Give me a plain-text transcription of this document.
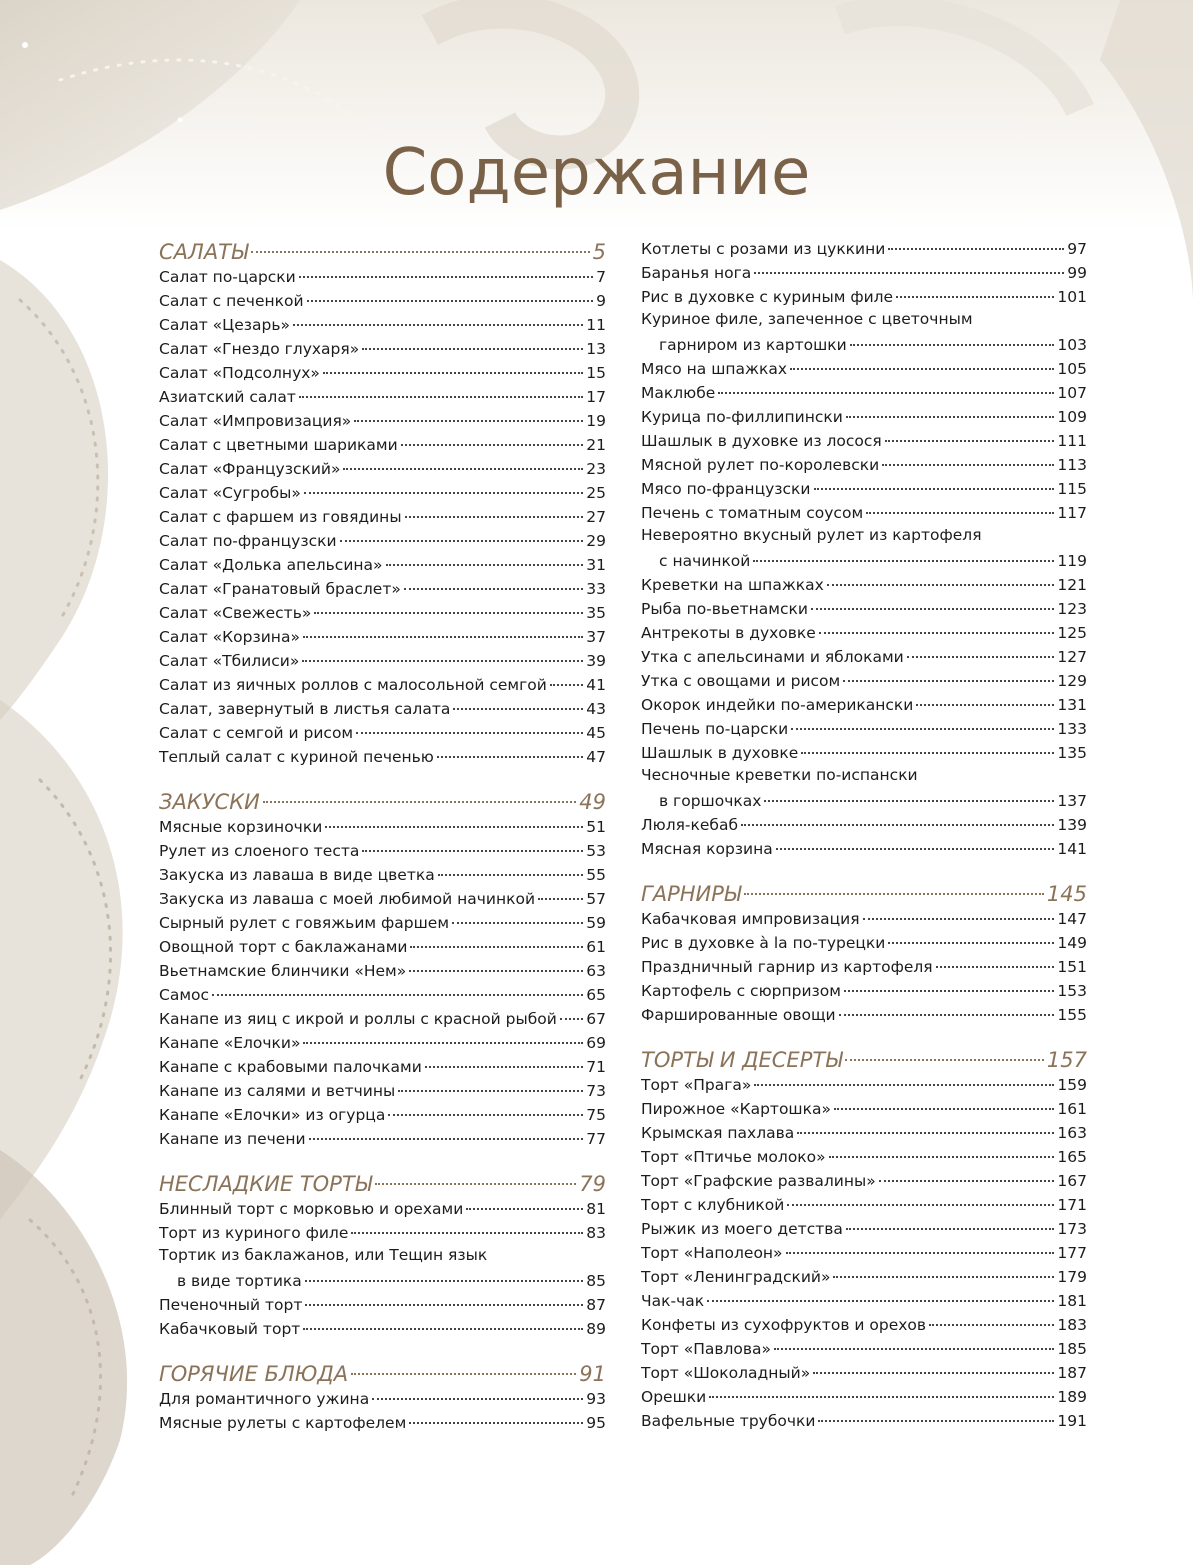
Содержание
САЛАТЫ	5
Салат по-царски	7
Салат с печенкой	9
Салат «Цезарь»	11
Салат «Гнездо глухаря»	13
Салат «Подсолнух»	15
Азиатский салат	17
Салат «Импровизация»	19
Салат с цветными шариками	21
Салат «Французский»	23
Салат «Сугробы»	25
Салат с фаршем из говядины	27
Салат по-французски	29
Салат «Долька апельсина»	31
Салат «Гранатовый браслет»	33
Салат «Свежесть»	35
Салат «Корзина»	37
Салат «Тбилиси»	39
Салат из яичных роллов с малосольной семгой	41
Салат, завернутый в листья салата	43
Салат с семгой и рисом	45
Теплый салат с куриной печенью	47
ЗАКУСКИ	49
Мясные корзиночки	51
Рулет из слоеного теста	53
Закуска из лаваша в виде цветка	55
Закуска из лаваша с моей любимой начинкой	57
Сырный рулет с говяжьим фаршем	59
Овощной торт с баклажанами	61
Вьетнамские блинчики «Нем»	63
Самос	65
Канапе из яиц с икрой и роллы с красной рыбой 67
Канапе «Елочки»	69
Канапе с крабовыми палочками	71
Канапе из салями и ветчины	73
Канапе «Елочки» из огурца	75
Канапе из печени	77
НЕСЛАДКИЕ ТОРТЫ	79
Блинный торт с морковью и орехами	81
Торт из куриного филе	83
Тортик из баклажанов, или Тещин язык
в виде тортика	85
Печеночный торт	87
Кабачковый торт	89
ГОРЯЧИЕ БЛЮДА	91
Для романтичного ужина	93
Мясные рулеты с картофелем	95
Котлеты с розами из цуккини	97
Баранья нога	99
Рис в духовке с куриным филе	101
Куриное филе, запеченное с цветочным
гарниром из картошки	103
Мясо на шпажках	105
Маклюбе	107
Курица по-филлипински	109
Шашлык в духовке из лосося	111
Мясной рулет по-королевски	113
Мясо по-французски	115
Печень с томатным соусом	117
Невероятно вкусный рулет из картофеля
с начинкой	119
Креветки на шпажках	121
Рыба по-вьетнамски	123
Антрекоты в духовке	125
Утка с апельсинами и яблоками	127
Утка с овощами и рисом	129
Окорок индейки по-американски	131
Печень по-царски	133
Шашлык в духовке	135
Чесночные креветки по-испански
в горшочках	137
Люля-кебаб	139
Мясная корзина	141
ГАРНИРЫ	145
Кабачковая импровизация	147
Рис в духовке à la по-турецки	149
Праздничный гарнир из картофеля	151
Картофель с сюрпризом	153
Фаршированные овощи	155
ТОРТЫ И ДЕСЕРТЫ	157
Торт «Прага»	159
Пирожное «Картошка»	161
Крымская пахлава	163
Торт «Птичье молоко»	165
Торт «Графские развалины»	167
Торт с клубникой	171
Рыжик из моего детства	173
Торт «Наполеон»	177
Торт «Ленинградский»	179
Чак-чак	181
Конфеты из сухофруктов и орехов	183
Торт «Павлова»	185
Торт «Шоколадный»	187
Орешки	189
Вафельные трубочки	191
